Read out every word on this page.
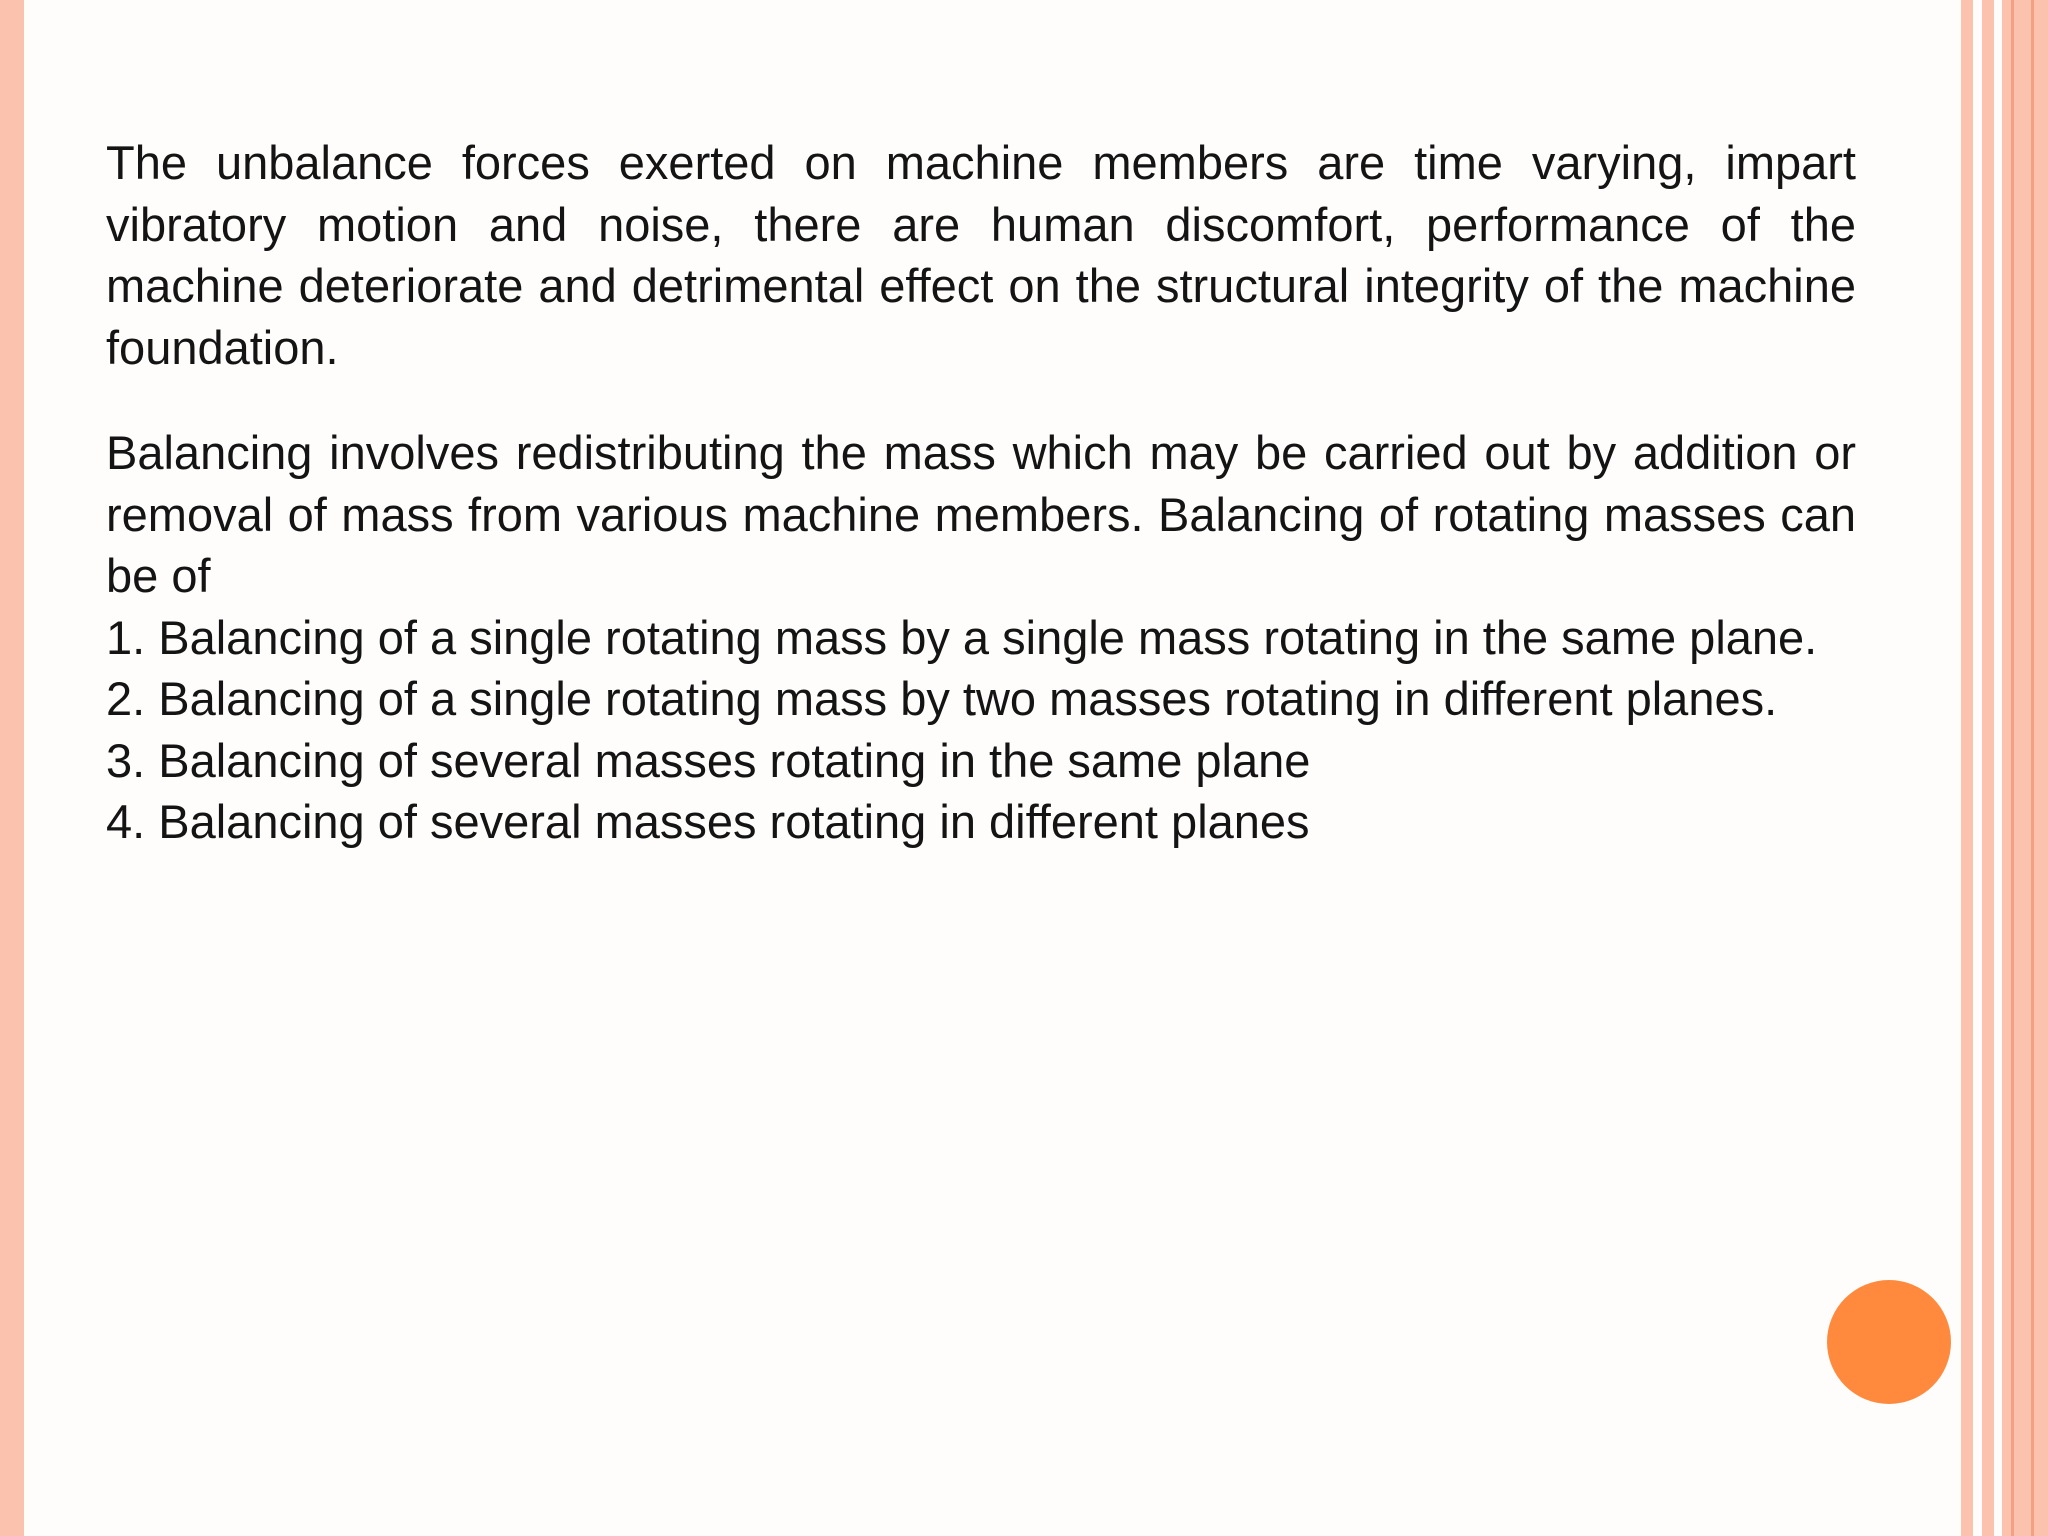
The unbalance forces exerted on machine members are time varying, impart vibratory motion and noise, there are human discomfort, performance of the machine deteriorate and detrimental effect on the structural integrity of the machine foundation.

Balancing involves redistributing the mass which may be carried out by addition or removal of mass from various machine members. Balancing of rotating masses can be of

1. Balancing of a single rotating mass by a single mass rotating in the same plane.
2. Balancing of a single rotating mass by two masses rotating in different planes.
3. Balancing of several masses rotating in the same plane
4. Balancing of several masses rotating in different planes
